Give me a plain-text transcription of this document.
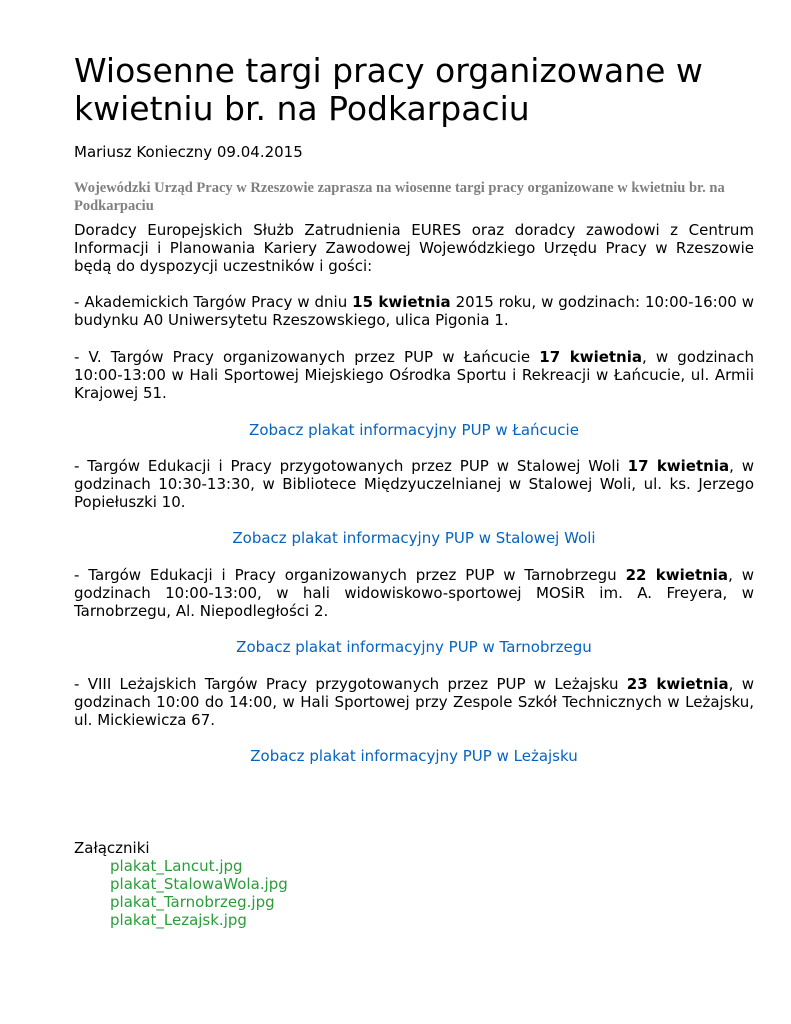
Wiosenne targi pracy organizowane w kwietniu br. na Podkarpaciu
Mariusz Konieczny 09.04.2015
Wojewódzki Urząd Pracy w Rzeszowie zaprasza na wiosenne targi pracy organizowane w kwietniu br. na Podkarpaciu

Doradcy Europejskich Służb Zatrudnienia EURES oraz doradcy zawodowi z Centrum Informacji i Planowania Kariery Zawodowej Wojewódzkiego Urzędu Pracy w Rzeszowie będą do dyspozycji uczestników i gości:

- Akademickich Targów Pracy w dniu 15 kwietnia 2015 roku, w godzinach: 10:00-16:00 w budynku A0 Uniwersytetu Rzeszowskiego, ulica Pigonia 1.

- V. Targów Pracy organizowanych przez PUP w Łańcucie 17 kwietnia, w godzinach 10:00-13:00 w Hali Sportowej Miejskiego Ośrodka Sportu i Rekreacji w Łańcucie, ul. Armii Krajowej 51.

Zobacz plakat informacyjny PUP w Łańcucie

- Targów Edukacji i Pracy przygotowanych przez PUP w Stalowej Woli 17 kwietnia, w godzinach 10:30-13:30, w Bibliotece Międzyuczelnianej w Stalowej Woli, ul. ks. Jerzego Popiełuszki 10.

Zobacz plakat informacyjny PUP w Stalowej Woli

- Targów Edukacji i Pracy organizowanych przez PUP w Tarnobrzegu 22 kwietnia, w godzinach 10:00-13:00, w hali widowiskowo-sportowej MOSiR im. A. Freyera, w Tarnobrzegu, Al. Niepodległości 2.

Zobacz plakat informacyjny PUP w Tarnobrzegu

- VIII Leżajskich Targów Pracy przygotowanych przez PUP w Leżajsku 23 kwietnia, w godzinach 10:00 do 14:00, w Hali Sportowej przy Zespole Szkół Technicznych w Leżajsku, ul. Mickiewicza 67.

Zobacz plakat informacyjny PUP w Leżajsku
Załączniki
plakat_Lancut.jpg
plakat_StalowaWola.jpg
plakat_Tarnobrzeg.jpg
plakat_Lezajsk.jpg
